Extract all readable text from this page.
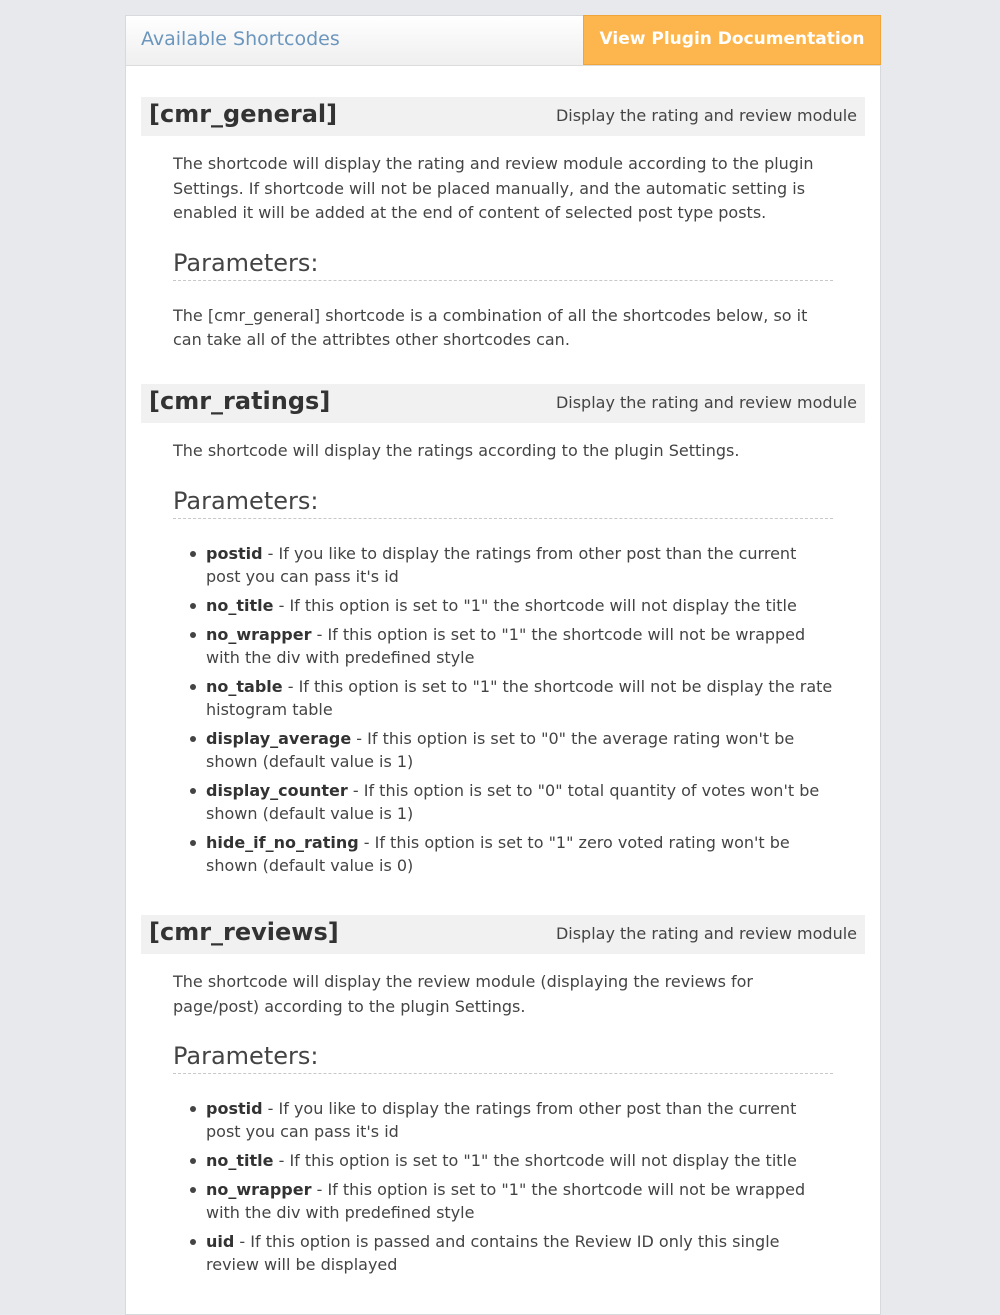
Available Shortcodes	View Plugin Documentation >>
[cmr_general]	Display the rating and review module

The shortcode will display the rating and review module according to the plugin Settings. If shortcode will not be placed manually, and the automatic setting is enabled it will be added at the end of content of selected post type posts.

Parameters:

The [cmr_general] shortcode is a combination of all the shortcodes below, so it can take all of the attribtes other shortcodes can.

[cmr_ratings]	Display the rating and review module

The shortcode will display the ratings according to the plugin Settings.

Parameters:
postid - If you like to display the ratings from other post than the current post you can pass it's id
no_title - If this option is set to "1" the shortcode will not display the title
no_wrapper - If this option is set to "1" the shortcode will not be wrapped with the div with predefined style
no_table - If this option is set to "1" the shortcode will not be display the rate histogram table
display_average - If this option is set to "0" the average rating won't be shown (default value is 1)
display_counter - If this option is set to "0" total quantity of votes won't be shown (default value is 1)
hide_if_no_rating - If this option is set to "1" zero voted rating won't be shown (default value is 0)
[cmr_reviews]	Display the rating and review module

The shortcode will display the review module (displaying the reviews for page/post) according to the plugin Settings.

Parameters:
postid - If you like to display the ratings from other post than the current post you can pass it's id
no_title - If this option is set to "1" the shortcode will not display the title
no_wrapper - If this option is set to "1" the shortcode will not be wrapped with the div with predefined style
uid - If this option is passed and contains the Review ID only this single review will be displayed
